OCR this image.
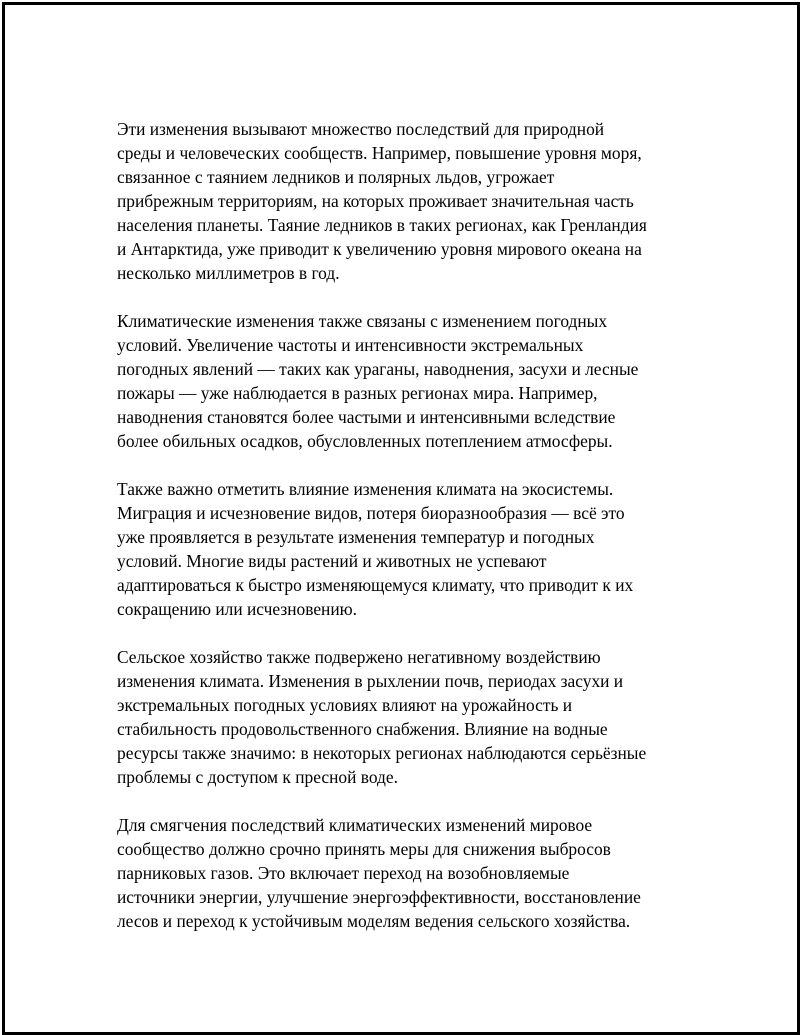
Эти изменения вызывают множество последствий для природной
среды и человеческих сообществ. Например, повышение уровня моря,
связанное с таянием ледников и полярных льдов, угрожает
прибрежным территориям, на которых проживает значительная часть
населения планеты. Таяние ледников в таких регионах, как Гренландия
и Антарктида, уже приводит к увеличению уровня мирового океана на
несколько миллиметров в год.

Климатические изменения также связаны с изменением погодных
условий. Увеличение частоты и интенсивности экстремальных
погодных явлений — таких как ураганы, наводнения, засухи и лесные
пожары — уже наблюдается в разных регионах мира. Например,
наводнения становятся более частыми и интенсивными вследствие
более обильных осадков, обусловленных потеплением атмосферы.

Также важно отметить влияние изменения климата на экосистемы.
Миграция и исчезновение видов, потеря биоразнообразия — всё это
уже проявляется в результате изменения температур и погодных
условий. Многие виды растений и животных не успевают
адаптироваться к быстро изменяющемуся климату, что приводит к их
сокращению или исчезновению.

Сельское хозяйство также подвержено негативному воздействию
изменения климата. Изменения в рыхлении почв, периодах засухи и
экстремальных погодных условиях влияют на урожайность и
стабильность продовольственного снабжения. Влияние на водные
ресурсы также значимо: в некоторых регионах наблюдаются серьёзные
проблемы с доступом к пресной воде.

Для смягчения последствий климатических изменений мировое
сообщество должно срочно принять меры для снижения выбросов
парниковых газов. Это включает переход на возобновляемые
источники энергии, улучшение энергоэффективности, восстановление
лесов и переход к устойчивым моделям ведения сельского хозяйства.
